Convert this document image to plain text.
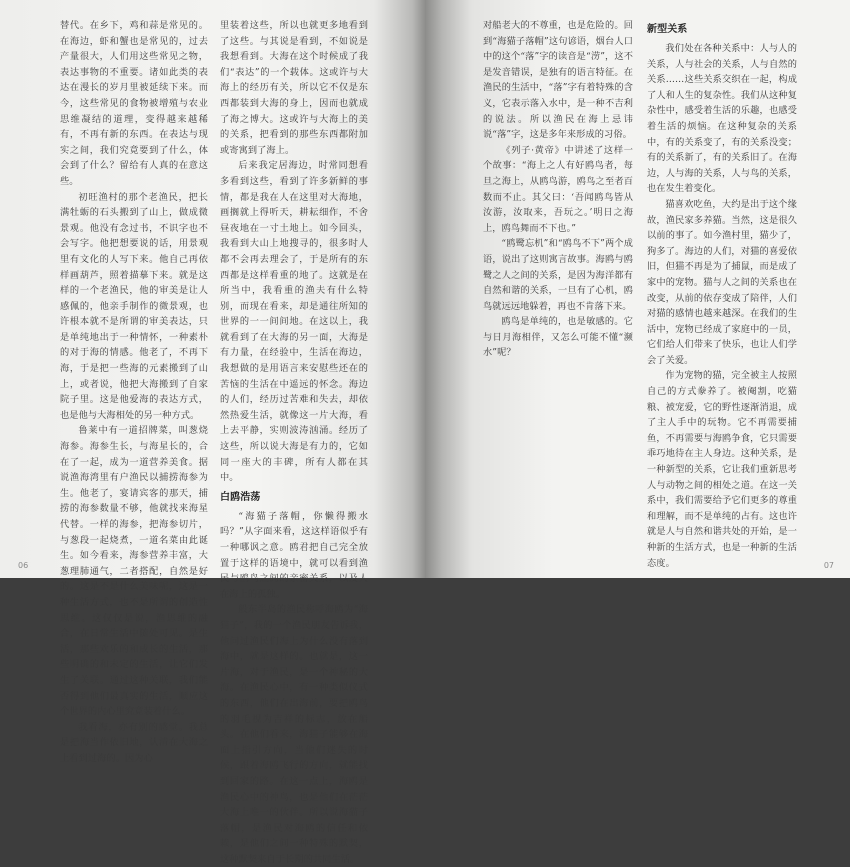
替代。在乡下，鸡和蒜是常见的。在海边，虾和蟹也是常见的，过去产量很大，人们用这些常见之物，表达事物的不重要。诸如此类的表达在漫长的岁月里被延续下来。而今，这些常见的食物被增殖与农业思维凝结的道理，变得越来越稀有，不再有新的东西。在表达与现实之间，我们究竟要到了什么，体会到了什么？留给有人真的在意这些。

初旺渔村的那个老渔民，把长满牡蛎的石头搬到了山上，做成微景观。他没有念过书，不识字也不会写字。他把想要说的话，用景观里有文化的人写下来。他自己再依样画葫芦，照着描摹下来。就是这样的一个老渔民，他的审美是让人感佩的，他亲手制作的微景观，也许根本就不是所谓的审美表达，只是单纯地出于一种情怀，一种素朴的对于海的情感。他老了，不再下海，于是把一些海的元素搬到了山上，或者说，他把大海搬到了自家院子里。这是他爱海的表达方式，也是他与大海相处的另一种方式。

鲁莱中有一道招牌菜，叫葱烧海参。海参生长，与海星长的，合在了一起，成为一道营养美食。据说渔海湾里有户渔民以捕捞海参为生。他老了，宴请宾客的那天，捕捞的海参数量不够，他就找来海星代替。一样的海参，把海参切片，与葱段一起烧煮，一道名菜由此诞生。如今看来，海参营养丰富，大葱理肺通气，二者搭配，自然是好的。这是不是什么美味呢，这是一种生活方式，也不是所谓的创造性思维。这仅仅是说，渔思维的融合，在日常生活中随处可见。是生活，那些欢乐的和成长的生活，那些明确的和未定的生活，让它们发生了关联。通过这种关联，我们能否得到他们最真实的生活，顺应这个世界的内心里究竟装着什么。

我看海，亦有别的感觉。我总是把海当作依旧地，认清在大海之上看到过海的。因为心

里装着这些，所以也就更多地看到了这些。与其说是看到，不如说是我想看到。大海在这个时候成了我们“表达”的一个载体。这或许与大海上的经历有关，所以它不仅是东西都装到大海的身上，因而也就成了海之博大。这或许与大海上的美的关系，把看到的那些东西都附加或寄寓到了海上。

后来我定居海边，时常同想看多看到这些，看到了许多新鲜的事情，都是我在人在这里对大海地，画搁就上得听天，耕耘细作，不舍昼夜地在一寸土地上。如今回头，我看到大山上地搜寻的，很多时人都不会再去理会了，于是所有的东西都是这样看重的地了。这就是在所当中，我看重的渔夫有什么特别，而现在看来，却是通往所知的世界的一一间间地。在这以上，我就看到了在大海的另一面，大海是有力量，在经验中，生活在海边，我想做的是用语言来安慰些还在的苦恼的生活在中遥远的怀念。海边的人们，经历过苦难和失去，却依然热爱生活，就像这一片大海，看上去平静，实则波涛汹涌。经历了这些，所以说大海是有力的，它如同一座大的丰碑，所有人都在其中。

白鸥浩荡

“海猫子落帽，你懒得搬水吗？”从字面来看，这这样语似乎有一种哪讽之意。鸥君把自己完全放置于这样的语境中，就可以看到渔民与鸥鸟之间的亲密关系，以及人在海上的孤独。

般东半岛的渔民称呼海鸥为“海猫子”，我的一个渔民朋友告诉我，他问过渔民们海上为什么没有落到海中，就是这样的。也就是，这一片海，对于渔民，是一个神秘的大海。在渔民心中，有一种类似仪式的东西，他们在出海前，要把鸥鸟的羽毛视为吉祥的标志，放在船头。在他们看来，海猫子能够在海面上指引方向，当他们迷失的时候，跟着海鸥飞行的方向，就能找到回家的路。在这一点上，海鸥是渔民心中的神鸟，也是他们在茫茫大海上唯一的伙伴。所以说海猫子落帽，是渔民对海鸥的信任和依赖，是他们之间一种特殊的默契，这种默契来自于长期的共同生活。

06

对船老大的不尊重，也是危险的。回到“海猫子落帽”这句谚语，烟台人口中的这个“落”字的读音是“涝”，这不是发音错误，是独有的语言特征。在渔民的生活中，“落”字有着特殊的含义，它表示落入水中，是一种不吉利的说法。所以渔民在海上忌讳说“落”字，这是多年来形成的习俗。

《列子·黄帝》中讲述了这样一个故事：“海上之人有好鸥鸟者，每旦之海上，从鸥鸟游，鸥鸟之至者百数而不止。其父曰：‘吾闻鸥鸟皆从汝游，汝取来，吾玩之。’明日之海上，鸥鸟舞而不下也。”

“鸥鹭忘机”和“鸥鸟不下”两个成语，说出了这则寓言故事。海鸥与鸥鹭之人之间的关系，是因为海洋都有自然和谐的关系，一旦有了心机，鸥鸟就远远地躲着，再也不肯落下来。

鸥鸟是单纯的，也是敏感的。它与日月海相伴，又怎么可能不懂“濒水”呢？

新型关系

我们处在各种关系中：人与人的关系，人与社会的关系，人与自然的关系……这些关系交织在一起，构成了人和人生的复杂性。我们从这种复杂性中，感受着生活的乐趣，也感受着生活的烦恼。在这种复杂的关系中，有的关系变了，有的关系没变；有的关系新了，有的关系旧了。在海边，人与海的关系，人与鸟的关系，也在发生着变化。

猫喜欢吃鱼，大约是出于这个缘故，渔民家多养猫。当然，这是很久以前的事了。如今渔村里，猫少了，狗多了。海边的人们，对猫的喜爱依旧，但猫不再是为了捕鼠，而是成了家中的宠物。猫与人之间的关系也在改变，从前的依存变成了陪伴，人们对猫的感情也越来越深。在我们的生活中，宠物已经成了家庭中的一员，它们给人们带来了快乐，也让人们学会了关爱。

作为宠物的猫，完全被主人按照自己的方式豢养了。被阉割，吃猫粮、被宠爱，它的野性逐渐消退，成了主人手中的玩物。它不再需要捕鱼，不再需要与海鸥争食，它只需要乖巧地待在主人身边。这种关系，是一种新型的关系，它让我们重新思考人与动物之间的相处之道。在这一关系中，我们需要给予它们更多的尊重和理解，而不是单纯的占有。这也许就是人与自然和谐共处的开始，是一种新的生活方式，也是一种新的生活态度。	07
